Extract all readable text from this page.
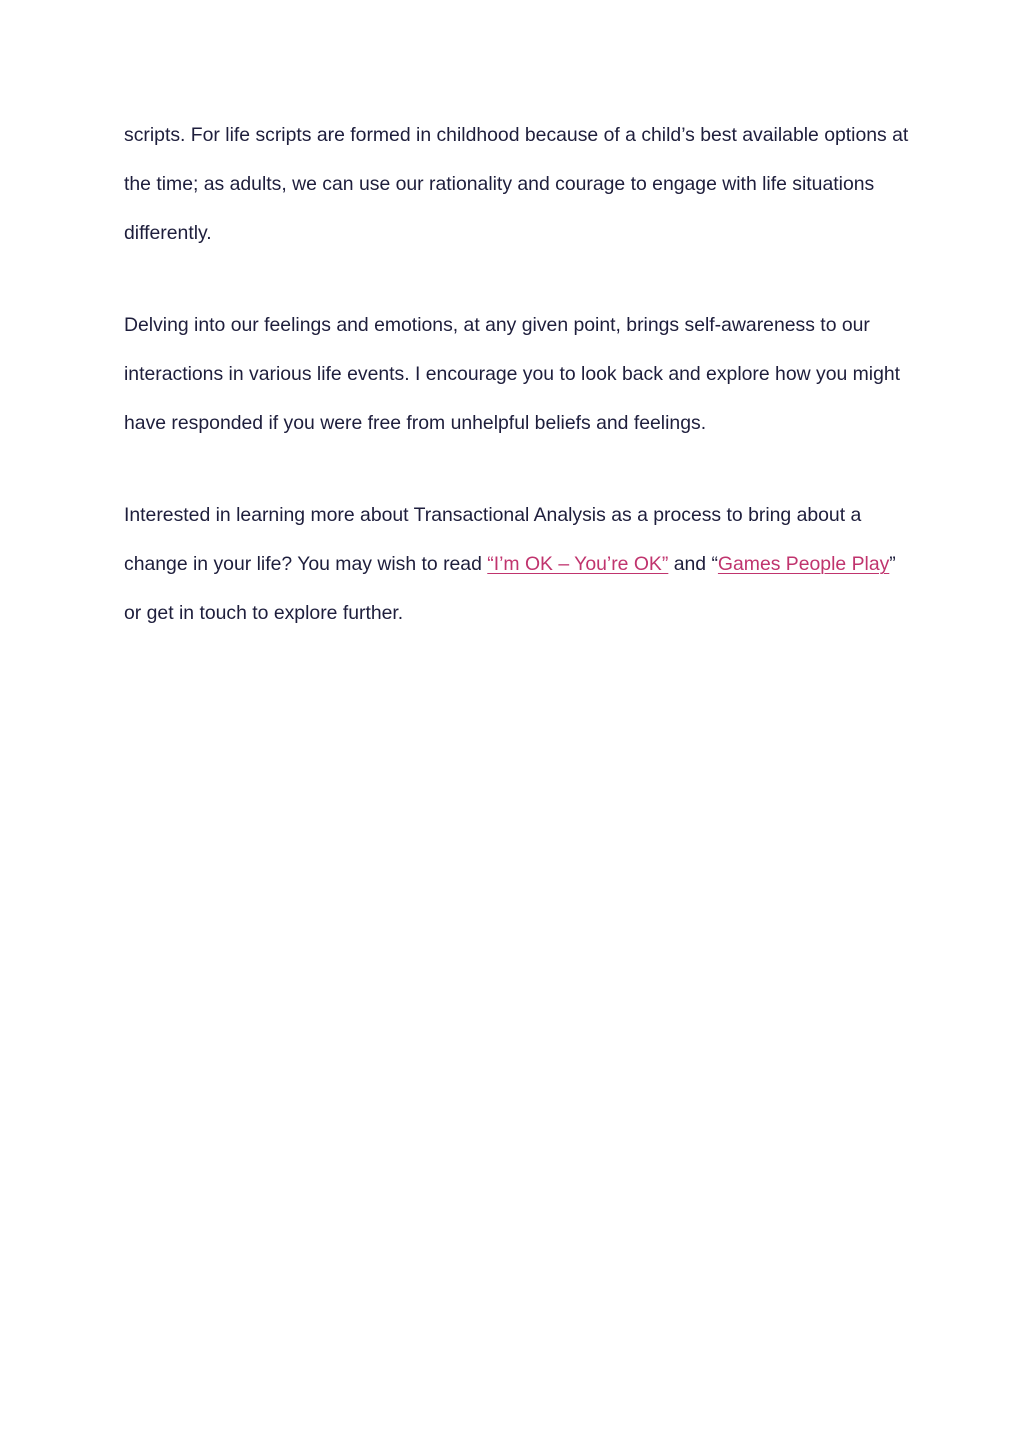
scripts. For life scripts are formed in childhood because of a child’s best available options at the time; as adults, we can use our rationality and courage to engage with life situations differently.

Delving into our feelings and emotions, at any given point, brings self-awareness to our interactions in various life events. I encourage you to look back and explore how you might have responded if you were free from unhelpful beliefs and feelings.

Interested in learning more about Transactional Analysis as a process to bring about a change in your life? You may wish to read “I’m OK – You’re OK” and “Games People Play” or get in touch to explore further.
